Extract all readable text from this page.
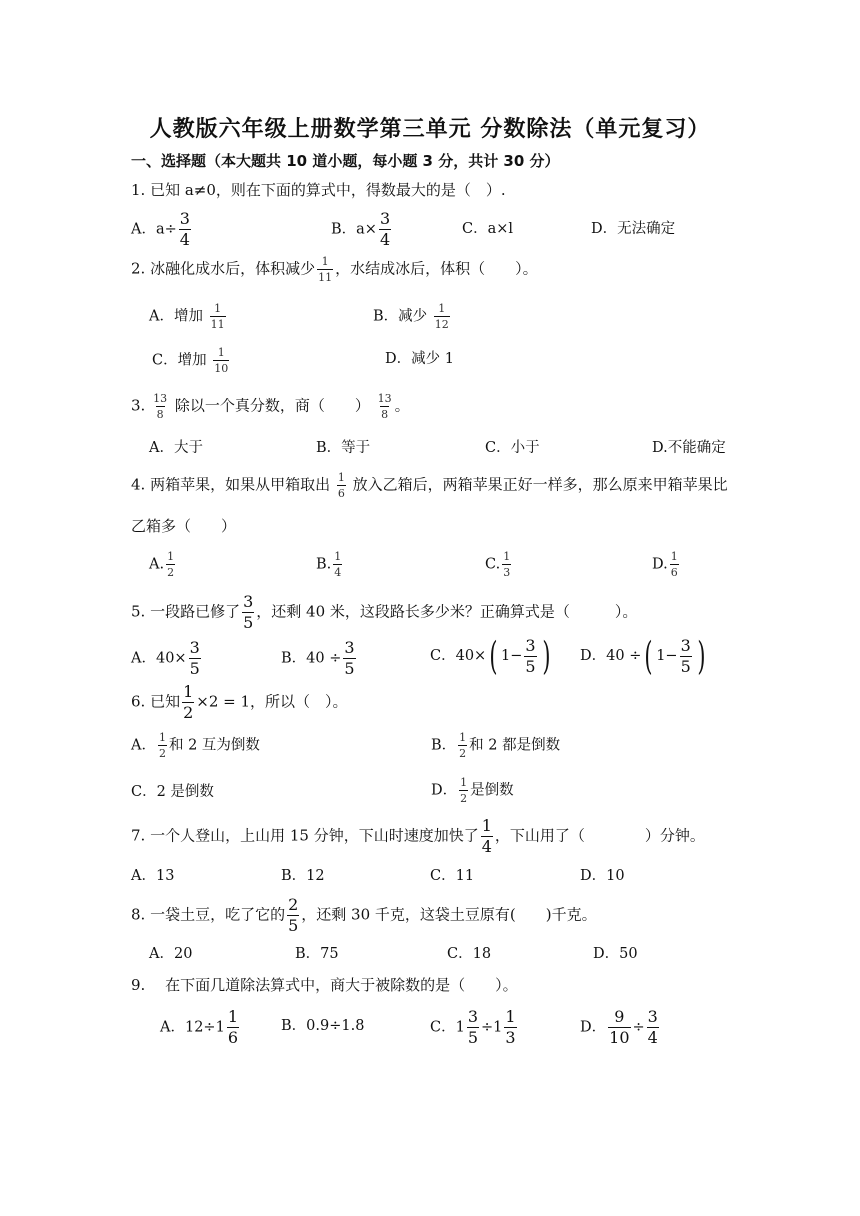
人教版六年级上册数学第三单元 分数除法（单元复习）
一、选择题（本大题共 10 道小题，每小题 3 分，共计 30 分）
1. 已知 a≠0，则在下面的算式中，得数最大的是（　）.
A．$a\div \frac{3}{4}$	B．$a\times \frac{3}{4}$	C．a×l	D．无法确定
2. 冰融化成水后，体积减少 $\frac{1}{11}$ ，水结成冰后，体积（　　）。
A．增加 $\frac{1}{11}$	B．减少 $\frac{1}{12}$
C．增加 $\frac{1}{10}$	D．减少 1
3. $\frac{13}{8}$ 除以一个真分数，商（　　） $\frac{13}{8}$ 。
A．大于	B．等于	C．小于	D.不能确定
4. 两箱苹果，如果从甲箱取出 $\frac{1}{6}$ 放入乙箱后，两箱苹果正好一样多，那么原来甲箱苹果比
乙箱多（　　）
A. $\frac{1}{2}$	B. $\frac{1}{4}$	C. $\frac{1}{3}$	D. $\frac{1}{6}$
5. 一段路已修了 $\frac{3}{5}$ ，还剩 40 米，这段路长多少米？正确算式是（　　　）。
A．$40\times \frac{3}{5}$	B．$40 \div \frac{3}{5}$	C．40× ( $1- \frac{3}{5}$ ) D．40 ÷ ( $1- \frac{3}{5}$ )
6. 已知 $\frac{1}{2} \times 2 = 1$，所以（　）。
A． $\frac{1}{2}$ 和 2 互为倒数	B． $\frac{1}{2}$ 和 2 都是倒数
C．2 是倒数	D． $\frac{1}{2}$ 是倒数
7. 一个人登山，上山用 15 分钟，下山时速度加快了 $\frac{1}{4}$ ，下山用了（　　　　）分钟。
A．13	B．12	C．11	D．10
8. 一袋土豆，吃了它的 $\frac{2}{5}$ ，还剩 30 千克，这袋土豆原有(　　)千克。
A．20	B．75	C．18	D．50
9.　 在下面几道除法算式中，商大于被除数的是（　　）。
A．$12\div 1 \frac{1}{6}$	B．0.9÷1.8	C．$1 \frac{3}{5} \div 1 \frac{1}{3}$	D． $\frac{9}{10} \div \frac{3}{4}$
